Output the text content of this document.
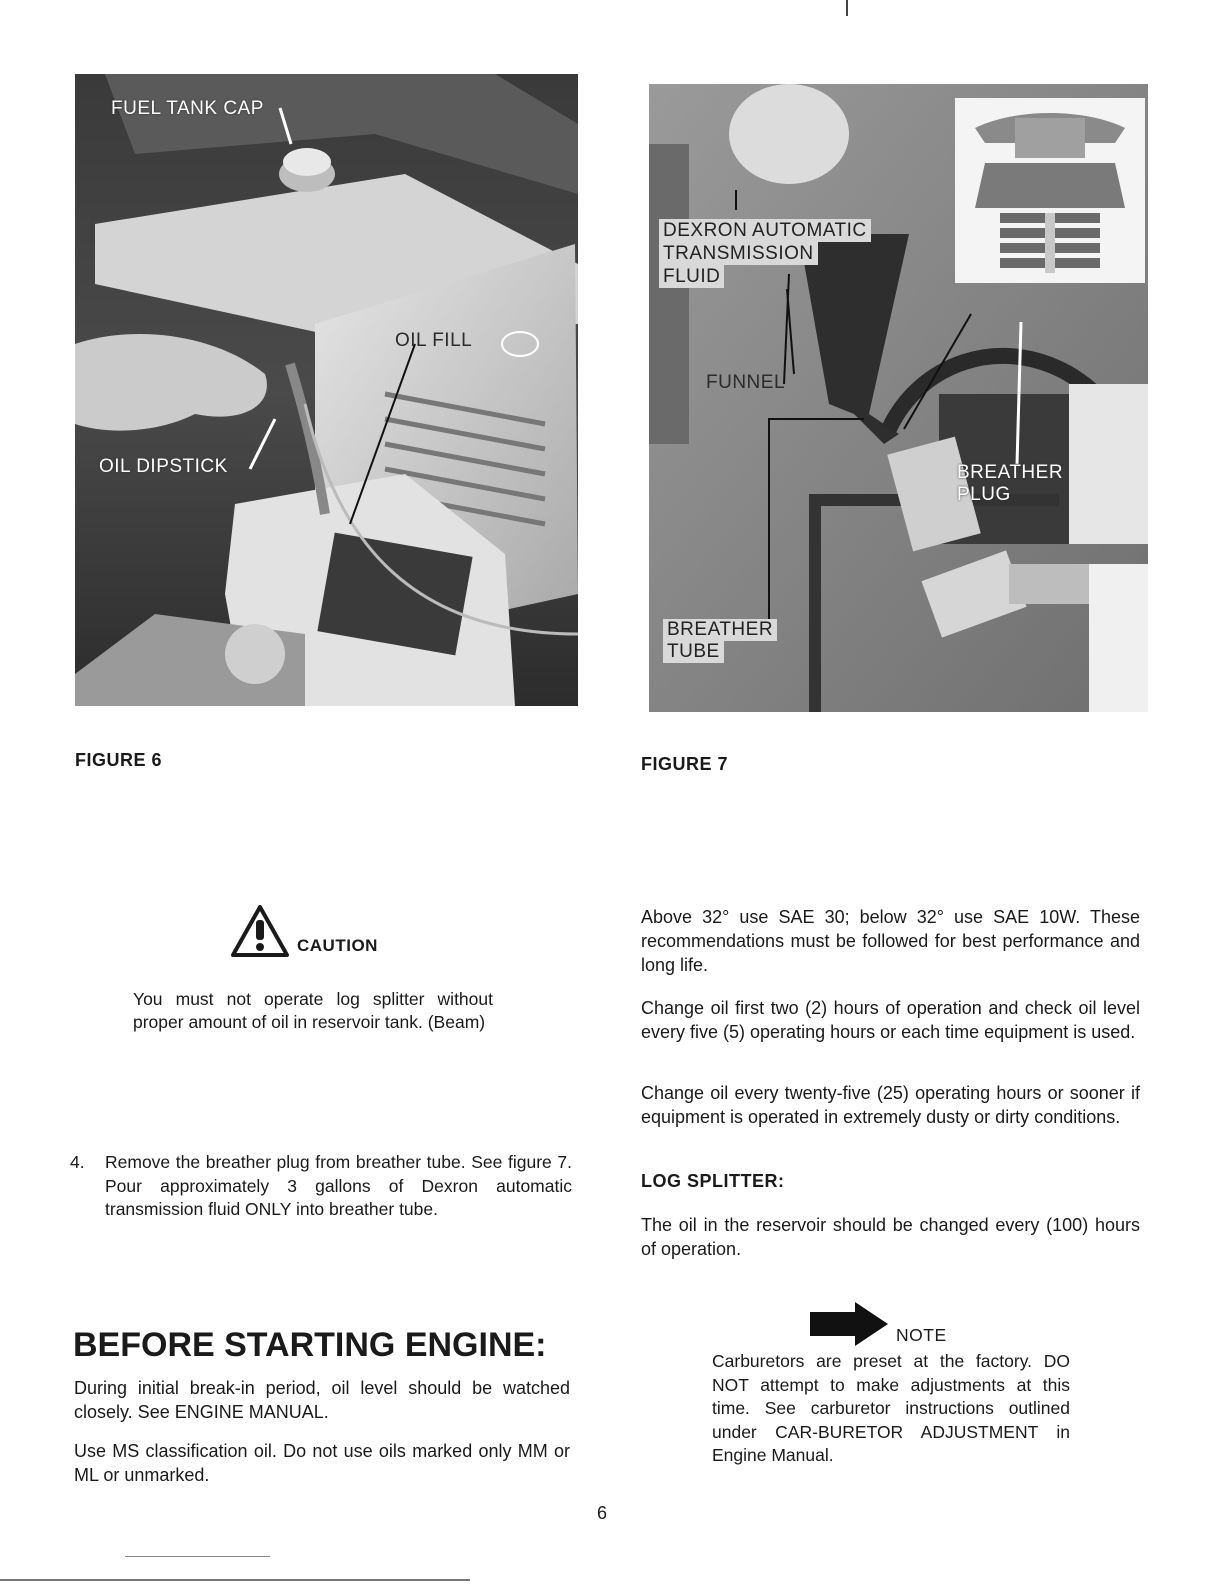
FUEL TANK CAP
OIL FILL
OIL DIPSTICK
FIGURE 6
DEXRON AUTOMATIC
TRANSMISSION
FLUID
FUNNEL
BREATHER
PLUG
BREATHER
TUBE
FIGURE 7
CAUTION
You must not operate log splitter without proper amount of oil in reservoir tank. (Beam)
4. Remove the breather plug from breather tube. See figure 7. Pour approximately 3 gallons of Dexron automatic transmission fluid ONLY into breather tube.
BEFORE STARTING ENGINE:
During initial break-in period, oil level should be watched closely. See ENGINE MANUAL.
Use MS classification oil. Do not use oils marked only MM or ML or unmarked.
Above 32° use SAE 30; below 32° use SAE 10W. These recommendations must be followed for best performance and long life.
Change oil first two (2) hours of operation and check oil level every five (5) operating hours or each time equipment is used.
Change oil every twenty-five (25) operating hours or sooner if equipment is operated in extremely dusty or dirty conditions.
LOG SPLITTER:
The oil in the reservoir should be changed every (100) hours of operation.
NOTE
Carburetors are preset at the factory. DO NOT attempt to make adjustments at this time. See carburetor instructions outlined under CAR-BURETOR ADJUSTMENT in Engine Manual.
6
